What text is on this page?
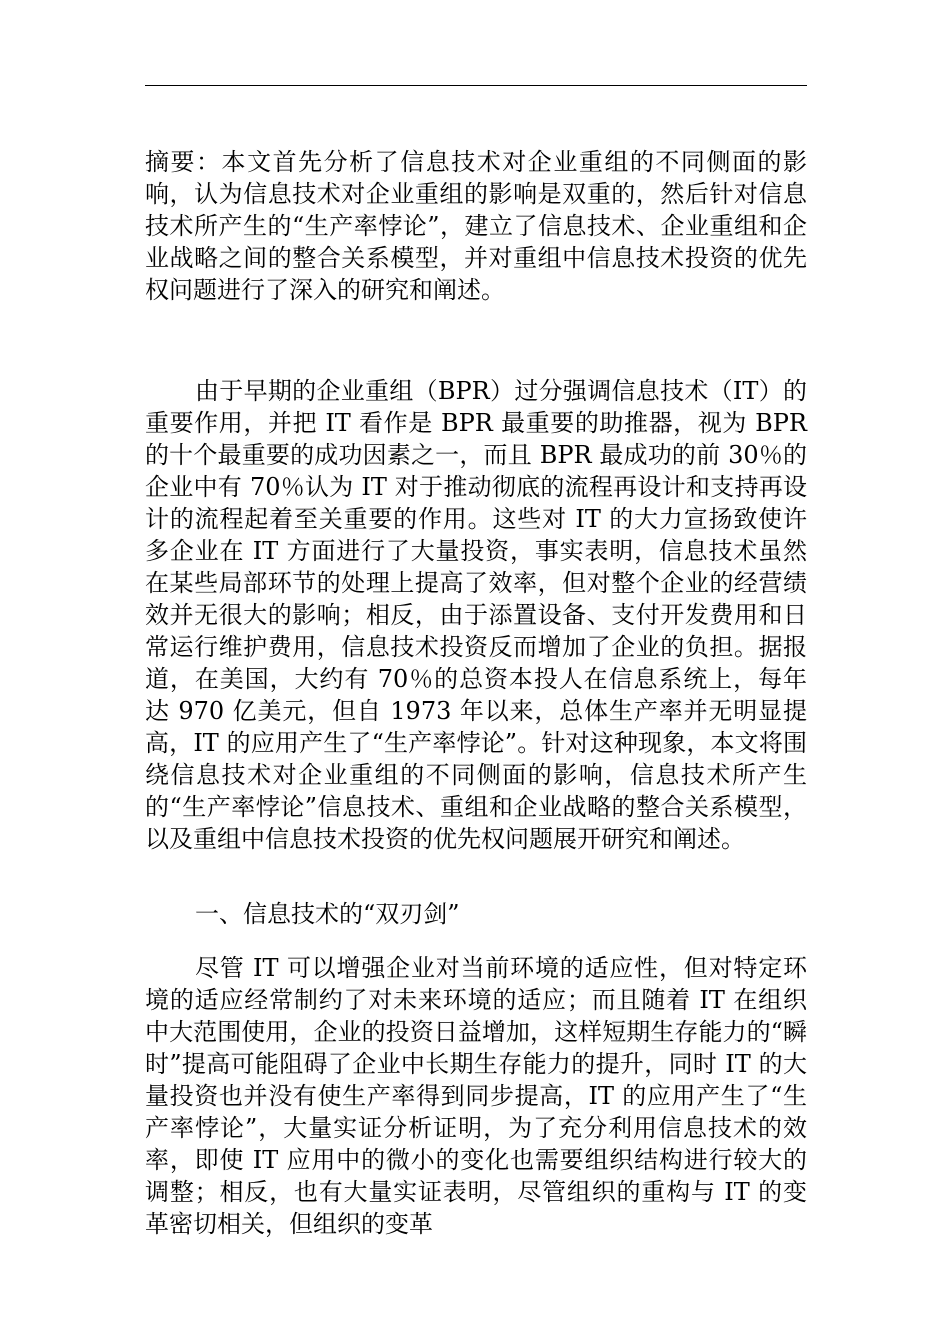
摘要：本文首先分析了信息技术对企业重组的不同侧面的影响，认为信息技术对企业重组的影响是双重的，然后针对信息技术所产生的“生产率悖论”，建立了信息技术、企业重组和企业战略之间的整合关系模型，并对重组中信息技术投资的优先权问题进行了深入的研究和阐述。

由于早期的企业重组（BPR）过分强调信息技术（IT）的重要作用，并把 IT 看作是 BPR 最重要的助推器，视为 BPR 的十个最重要的成功因素之一，而且 BPR 最成功的前 30％的企业中有 70％认为 IT 对于推动彻底的流程再设计和支持再设计的流程起着至关重要的作用。这些对 IT 的大力宣扬致使许多企业在 IT 方面进行了大量投资，事实表明，信息技术虽然在某些局部环节的处理上提高了效率，但对整个企业的经营绩效并无很大的影响；相反，由于添置设备、支付开发费用和日常运行维护费用，信息技术投资反而增加了企业的负担。据报道，在美国，大约有 70％的总资本投人在信息系统上，每年达 970 亿美元，但自 1973 年以来，总体生产率并无明显提高，IT 的应用产生了“生产率悖论”。针对这种现象，本文将围绕信息技术对企业重组的不同侧面的影响，信息技术所产生的“生产率悖论”信息技术、重组和企业战略的整合关系模型，以及重组中信息技术投资的优先权问题展开研究和阐述。

一、信息技术的“双刃剑”

尽管 IT 可以增强企业对当前环境的适应性，但对特定环境的适应经常制约了对未来环境的适应；而且随着 IT 在组织中大范围使用，企业的投资日益增加，这样短期生存能力的“瞬时”提高可能阻碍了企业中长期生存能力的提升，同时 IT 的大量投资也并没有使生产率得到同步提高，IT 的应用产生了“生产率悖论”，大量实证分析证明，为了充分利用信息技术的效率，即使 IT 应用中的微小的变化也需要组织结构进行较大的调整；相反，也有大量实证表明，尽管组织的重构与 IT 的变革密切相关，但组织的变革
